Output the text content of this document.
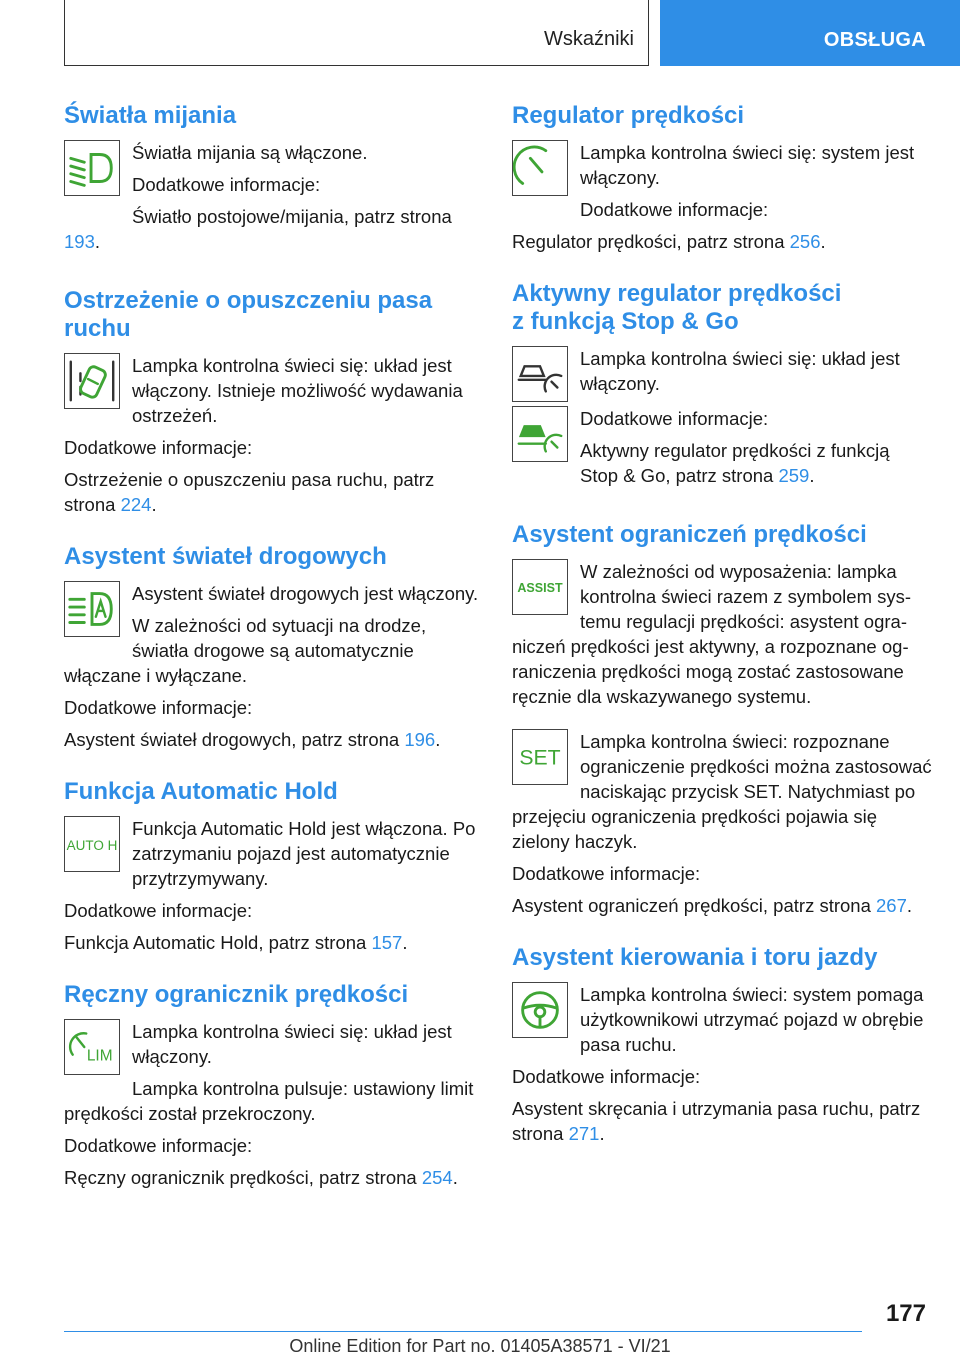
Wskaźniki	OBSŁUGA
Światła mijania

Światła mijania są włączone.

Dodatkowe informacje:

Światło postojowe/mijania, patrz strona 193.

Ostrzeżenie o opuszczeniu pasa ruchu

Lampka kontrolna świeci się: układ jest włączony. Istnieje możliwość wydawania ostrzeżeń.

Dodatkowe informacje:

Ostrzeżenie o opuszczeniu pasa ruchu, patrz strona 224.

Asystent świateł drogowych

Asystent świateł drogowych jest włączony.

W zależności od sytuacji na drodze, światła drogowe są automatycznie włączane i wyłączane.

Dodatkowe informacje:

Asystent świateł drogowych, patrz strona 196.

Funkcja Automatic Hold
AUTO H

Funkcja Automatic Hold jest włączona. Po zatrzymaniu pojazd jest automatycznie przytrzymywany.

Dodatkowe informacje:

Funkcja Automatic Hold, patrz strona 157.

Ręczny ogranicznik prędkości
LIM

Lampka kontrolna świeci się: układ jest włączony.

Lampka kontrolna pulsuje: ustawiony limit prędkości został przekroczony.

Dodatkowe informacje:

Ręczny ogranicznik prędkości, patrz strona 254.

Regulator prędkości

Lampka kontrolna świeci się: system jest włączony.

Dodatkowe informacje:

Regulator prędkości, patrz strona 256.

Aktywny regulator prędkości
z funkcją Stop & Go

Lampka kontrolna świeci się: układ jest włączony.

Dodatkowe informacje:

Aktywny regulator prędkości z funkcją Stop & Go, patrz strona 259.

Asystent ograniczeń prędkości
ASSIST

W zależności od wyposażenia: lampka kontrolna świeci razem z symbolem systemu regulacji prędkości: asystent ograniczeń prędkości jest aktywny, a rozpoznane ograniczenia prędkości mogą zostać zastosowane ręcznie dla wskazywanego systemu.

SET

Lampka kontrolna świeci: rozpoznane ograniczenie prędkości można zastosować naciskając przycisk SET. Natychmiast po przejęciu ograniczenia prędkości pojawia się zielony haczyk.

Dodatkowe informacje:

Asystent ograniczeń prędkości, patrz strona 267.

Asystent kierowania i toru jazdy

Lampka kontrolna świeci: system pomaga użytkownikowi utrzymać pojazd w obrębie pasa ruchu.

Dodatkowe informacje:

Asystent skręcania i utrzymania pasa ruchu, patrz strona 271.

177
Online Edition for Part no. 01405A38571 - VI/21
